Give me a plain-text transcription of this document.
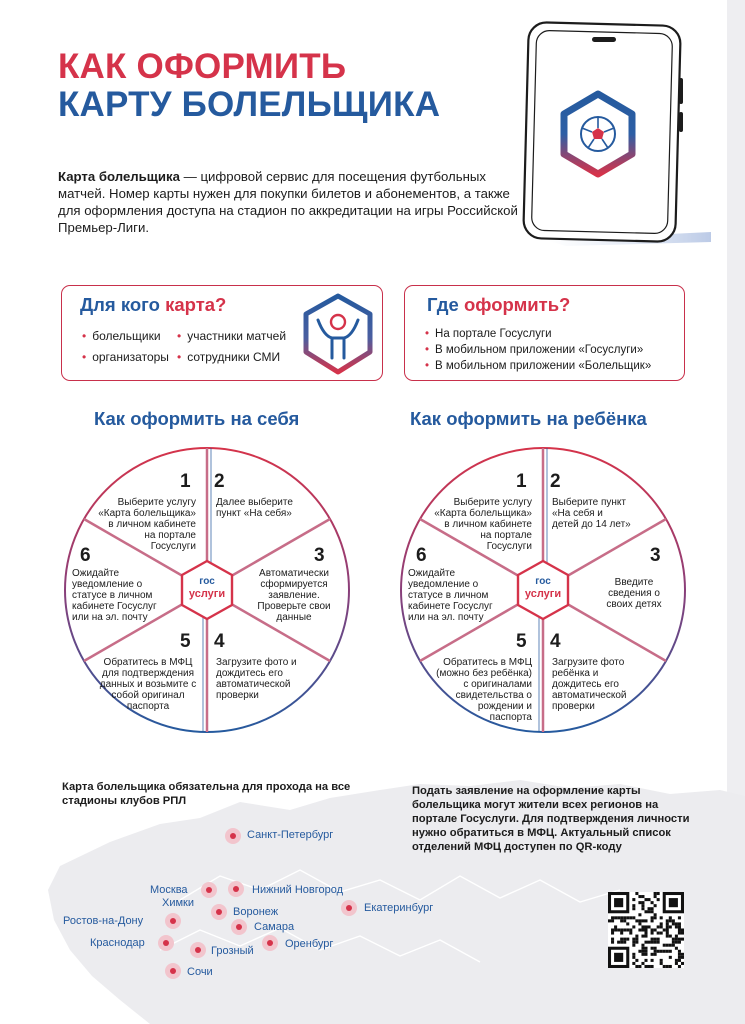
КАК ОФОРМИТЬ
КАРТУ БОЛЕЛЬЩИКА

Карта болельщика — цифровой сервис для посещения футбольных матчей. Номер карты нужен для покупки билетов и абонементов, а также для оформления доступа на стадион по аккредитации на игры Российской Премьер-Лиги.

Для кого карта?
• болельщики
• организаторы
• участники матчей
• сотрудники СМИ
Где оформить?
• На портале Госуслуги
• В мобильном приложении «Госуслуги»
• В мобильном приложении «Болельщик»
Как оформить на себя	Как оформить на ребёнка
гос
услуги
1
Выберите услугу «Карта болельщика» в личном кабинете на портале Госуслуги
2
Далее выберите пункт «На себя»
3
Автоматически сформируется заявление. Проверьте свои данные
4
Загрузите фото и дождитесь его автоматической проверки
5
Обратитесь в МФЦ для подтверждения данных и возьмите с собой оригинал паспорта
6
Ожидайте уведомление о статусе в личном кабинете Госуслуг или на эл. почту
гос
услуги
1
Выберите услугу «Карта болельщика» в личном кабинете на портале Госуслуги
2
Выберите пункт «На себя и детей до 14 лет»
3
Введите сведения о своих детях
4
Загрузите фото ребёнка и дождитесь его автоматической проверки
5
Обратитесь в МФЦ (можно без ребёнка) с оригиналами свидетельства о рождении и паспорта
6
Ожидайте уведомление о статусе в личном кабинете Госуслуг или на эл. почту
Карта болельщика обязательна для прохода на все стадионы клубов РПЛ
Подать заявление на оформление карты болельщика могут жители всех регионов на портале Госуслуги. Для подтверждения личности нужно обратиться в МФЦ. Актуальный список отделений МФЦ доступен по QR-коду
Санкт-Петербург
Москва
Химки
Нижний Новгород
Воронеж	Екатеринбург
Ростов-на-Дону	Самара
Краснодар
Грозный
Оренбург
Сочи
